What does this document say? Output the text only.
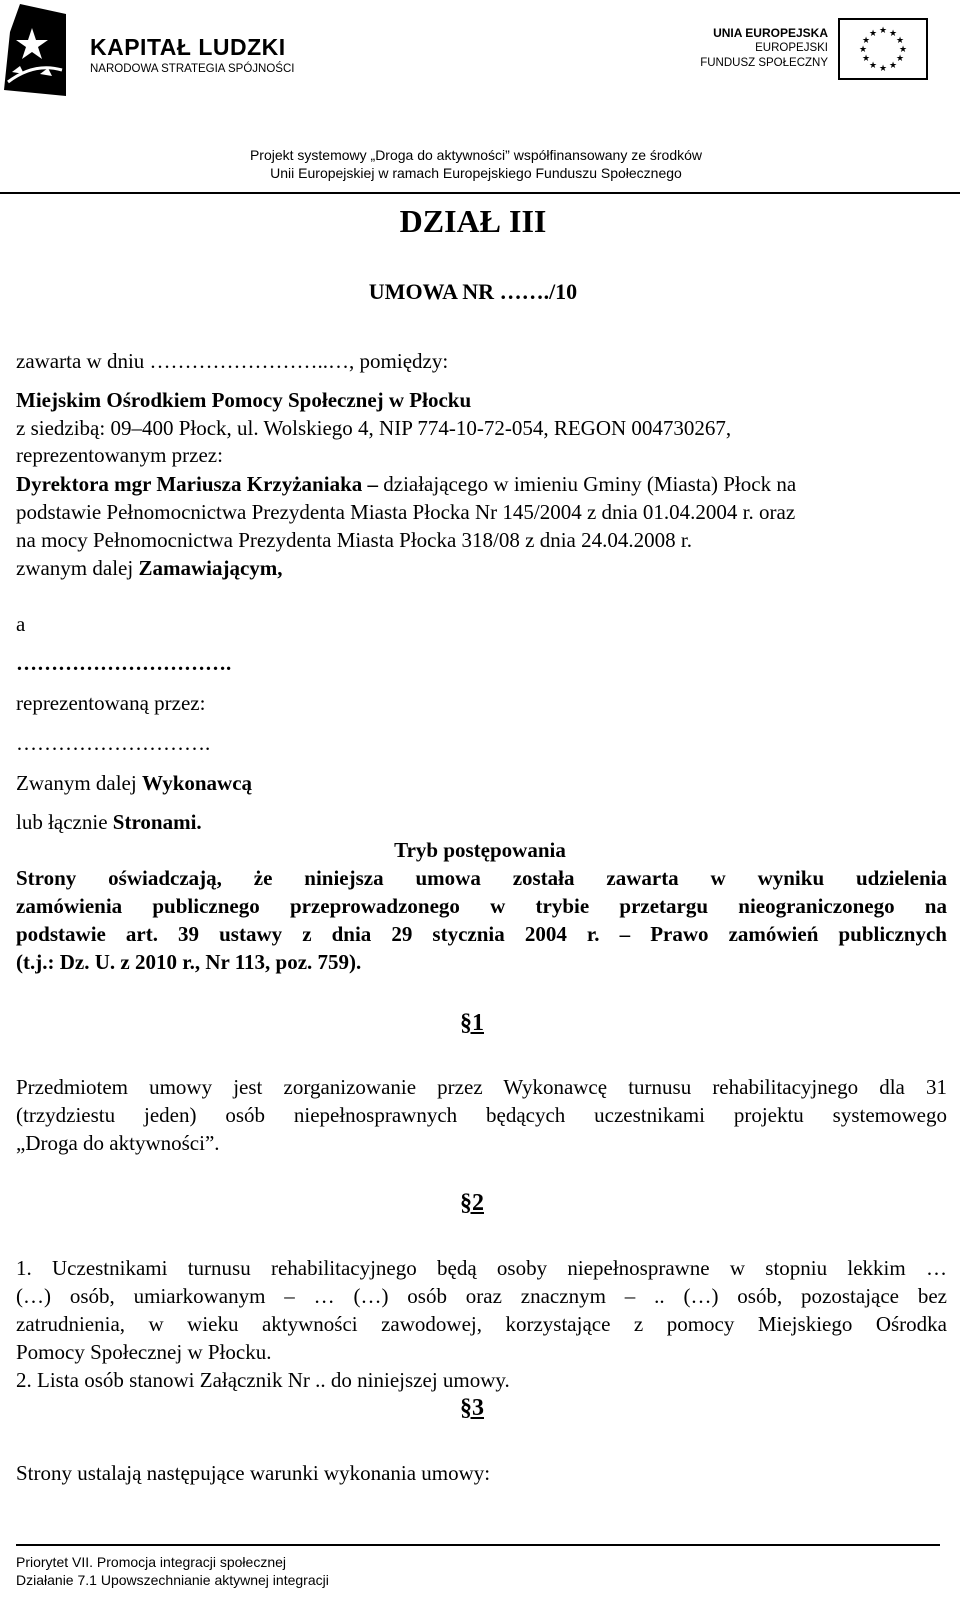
KAPITAŁ LUDZKI
NARODOWA STRATEGIA SPÓJNOŚCI
UNIA EUROPEJSKA
EUROPEJSKI
FUNDUSZ SPOŁECZNY
★ ★
★
★
★
★
★
★
★
★
★
★
Projekt systemowy „Droga do aktywności” współfinansowany ze środków
Unii Europejskiej w ramach Europejskiego Funduszu Społecznego
DZIAŁ III
UMOWA NR ……./10
zawarta w dniu ……………………..…, pomiędzy:
Miejskim Ośrodkiem Pomocy Społecznej w Płocku
z siedzibą: 09–400 Płock, ul. Wolskiego 4, NIP 774-10-72-054, REGON 004730267,
reprezentowanym przez:
Dyrektora mgr Mariusza Krzyżaniaka – działającego w imieniu Gminy (Miasta) Płock na
podstawie Pełnomocnictwa Prezydenta Miasta Płocka Nr 145/2004 z dnia 01.04.2004 r. oraz
na mocy Pełnomocnictwa Prezydenta Miasta Płocka 318/08 z dnia 24.04.2008 r.
zwanym dalej Zamawiającym,
a
………………………….
reprezentowaną przez:
……………………….
Zwanym dalej Wykonawcą
lub łącznie Stronami.
Tryb postępowania
Strony oświadczają, że niniejsza umowa została zawarta w wyniku udzielenia
zamówienia publicznego przeprowadzonego w trybie przetargu nieograniczonego na
podstawie art. 39 ustawy z dnia 29 stycznia 2004 r. – Prawo zamówień publicznych
(t.j.: Dz. U. z 2010 r., Nr 113, poz. 759).
§1
Przedmiotem umowy jest zorganizowanie przez Wykonawcę turnusu rehabilitacyjnego dla 31
(trzydziestu jeden) osób niepełnosprawnych będących uczestnikami projektu systemowego
„Droga do aktywności”.
§2
1. Uczestnikami turnusu rehabilitacyjnego będą osoby niepełnosprawne w stopniu lekkim …
(…) osób, umiarkowanym – … (…) osób oraz znacznym – .. (…) osób, pozostające bez
zatrudnienia, w wieku aktywności zawodowej, korzystające z pomocy Miejskiego Ośrodka
Pomocy Społecznej w Płocku.
2. Lista osób stanowi Załącznik Nr .. do niniejszej umowy.
§3
Strony ustalają następujące warunki wykonania umowy:
Priorytet VII. Promocja integracji społecznej
Działanie 7.1 Upowszechnianie aktywnej integracji
